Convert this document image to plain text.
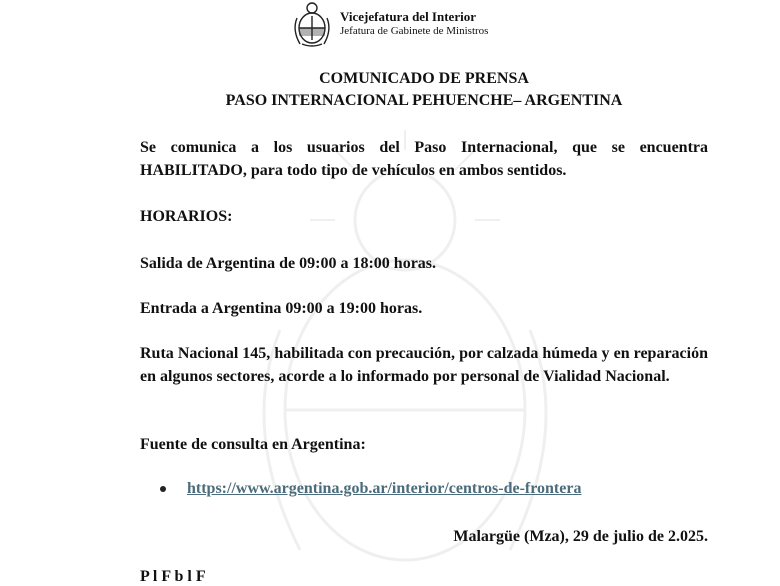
Vicejefatura del Interior
Jefatura de Gabinete de Ministros
COMUNICADO DE PRENSA
PASO INTERNACIONAL PEHUENCHE– ARGENTINA

Se comunica a los usuarios del Paso Internacional, que se encuentra HABILITADO, para todo tipo de vehículos en ambos sentidos.

HORARIOS:

Salida de Argentina de 09:00 a 18:00 horas.

Entrada a Argentina 09:00 a 19:00 horas.

Ruta Nacional 145, habilitada con precaución, por calzada húmeda y en reparación en algunos sectores, acorde a lo informado por personal de Vialidad Nacional.

Fuente de consulta en Argentina:

https://www.argentina.gob.ar/interior/centros-de-frontera
Malargüe (Mza), 29 de julio de 2.025.
P l F b l F
